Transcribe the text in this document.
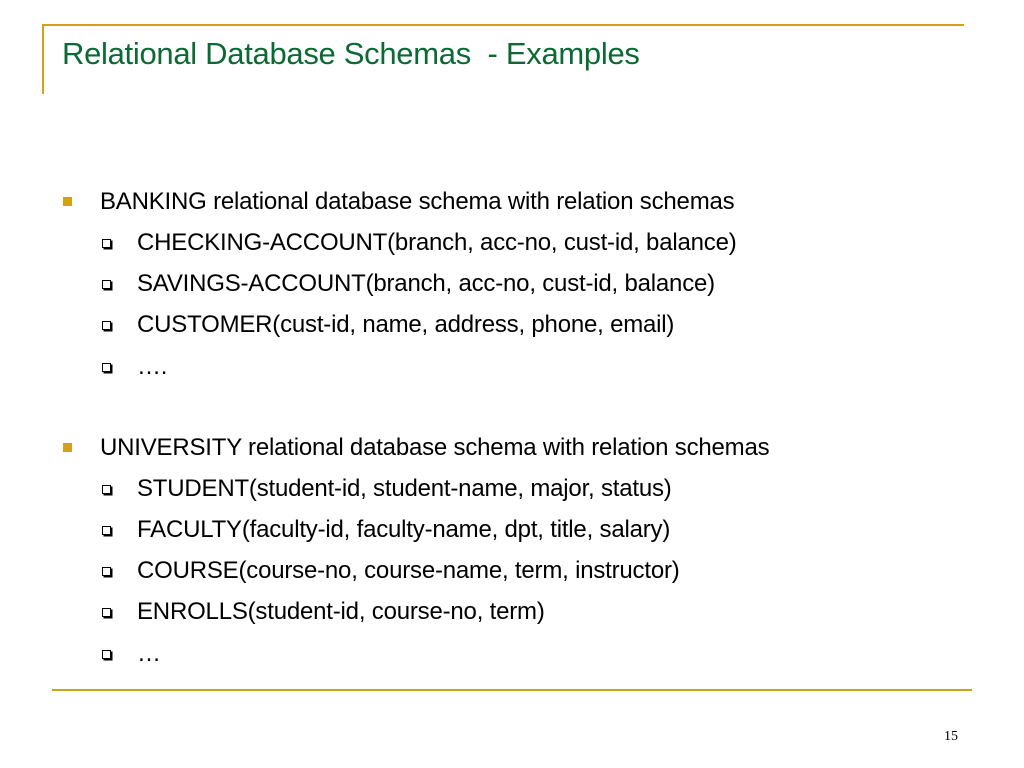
Relational Database Schemas  - Examples
BANKING relational database schema with relation schemas
CHECKING-ACCOUNT(branch, acc-no, cust-id, balance)
SAVINGS-ACCOUNT(branch, acc-no, cust-id, balance)
CUSTOMER(cust-id, name, address, phone, email)
….
UNIVERSITY relational database schema with relation schemas
STUDENT(student-id, student-name, major, status)
FACULTY(faculty-id, faculty-name, dpt, title, salary)
COURSE(course-no, course-name, term, instructor)
ENROLLS(student-id, course-no, term)
…
15
